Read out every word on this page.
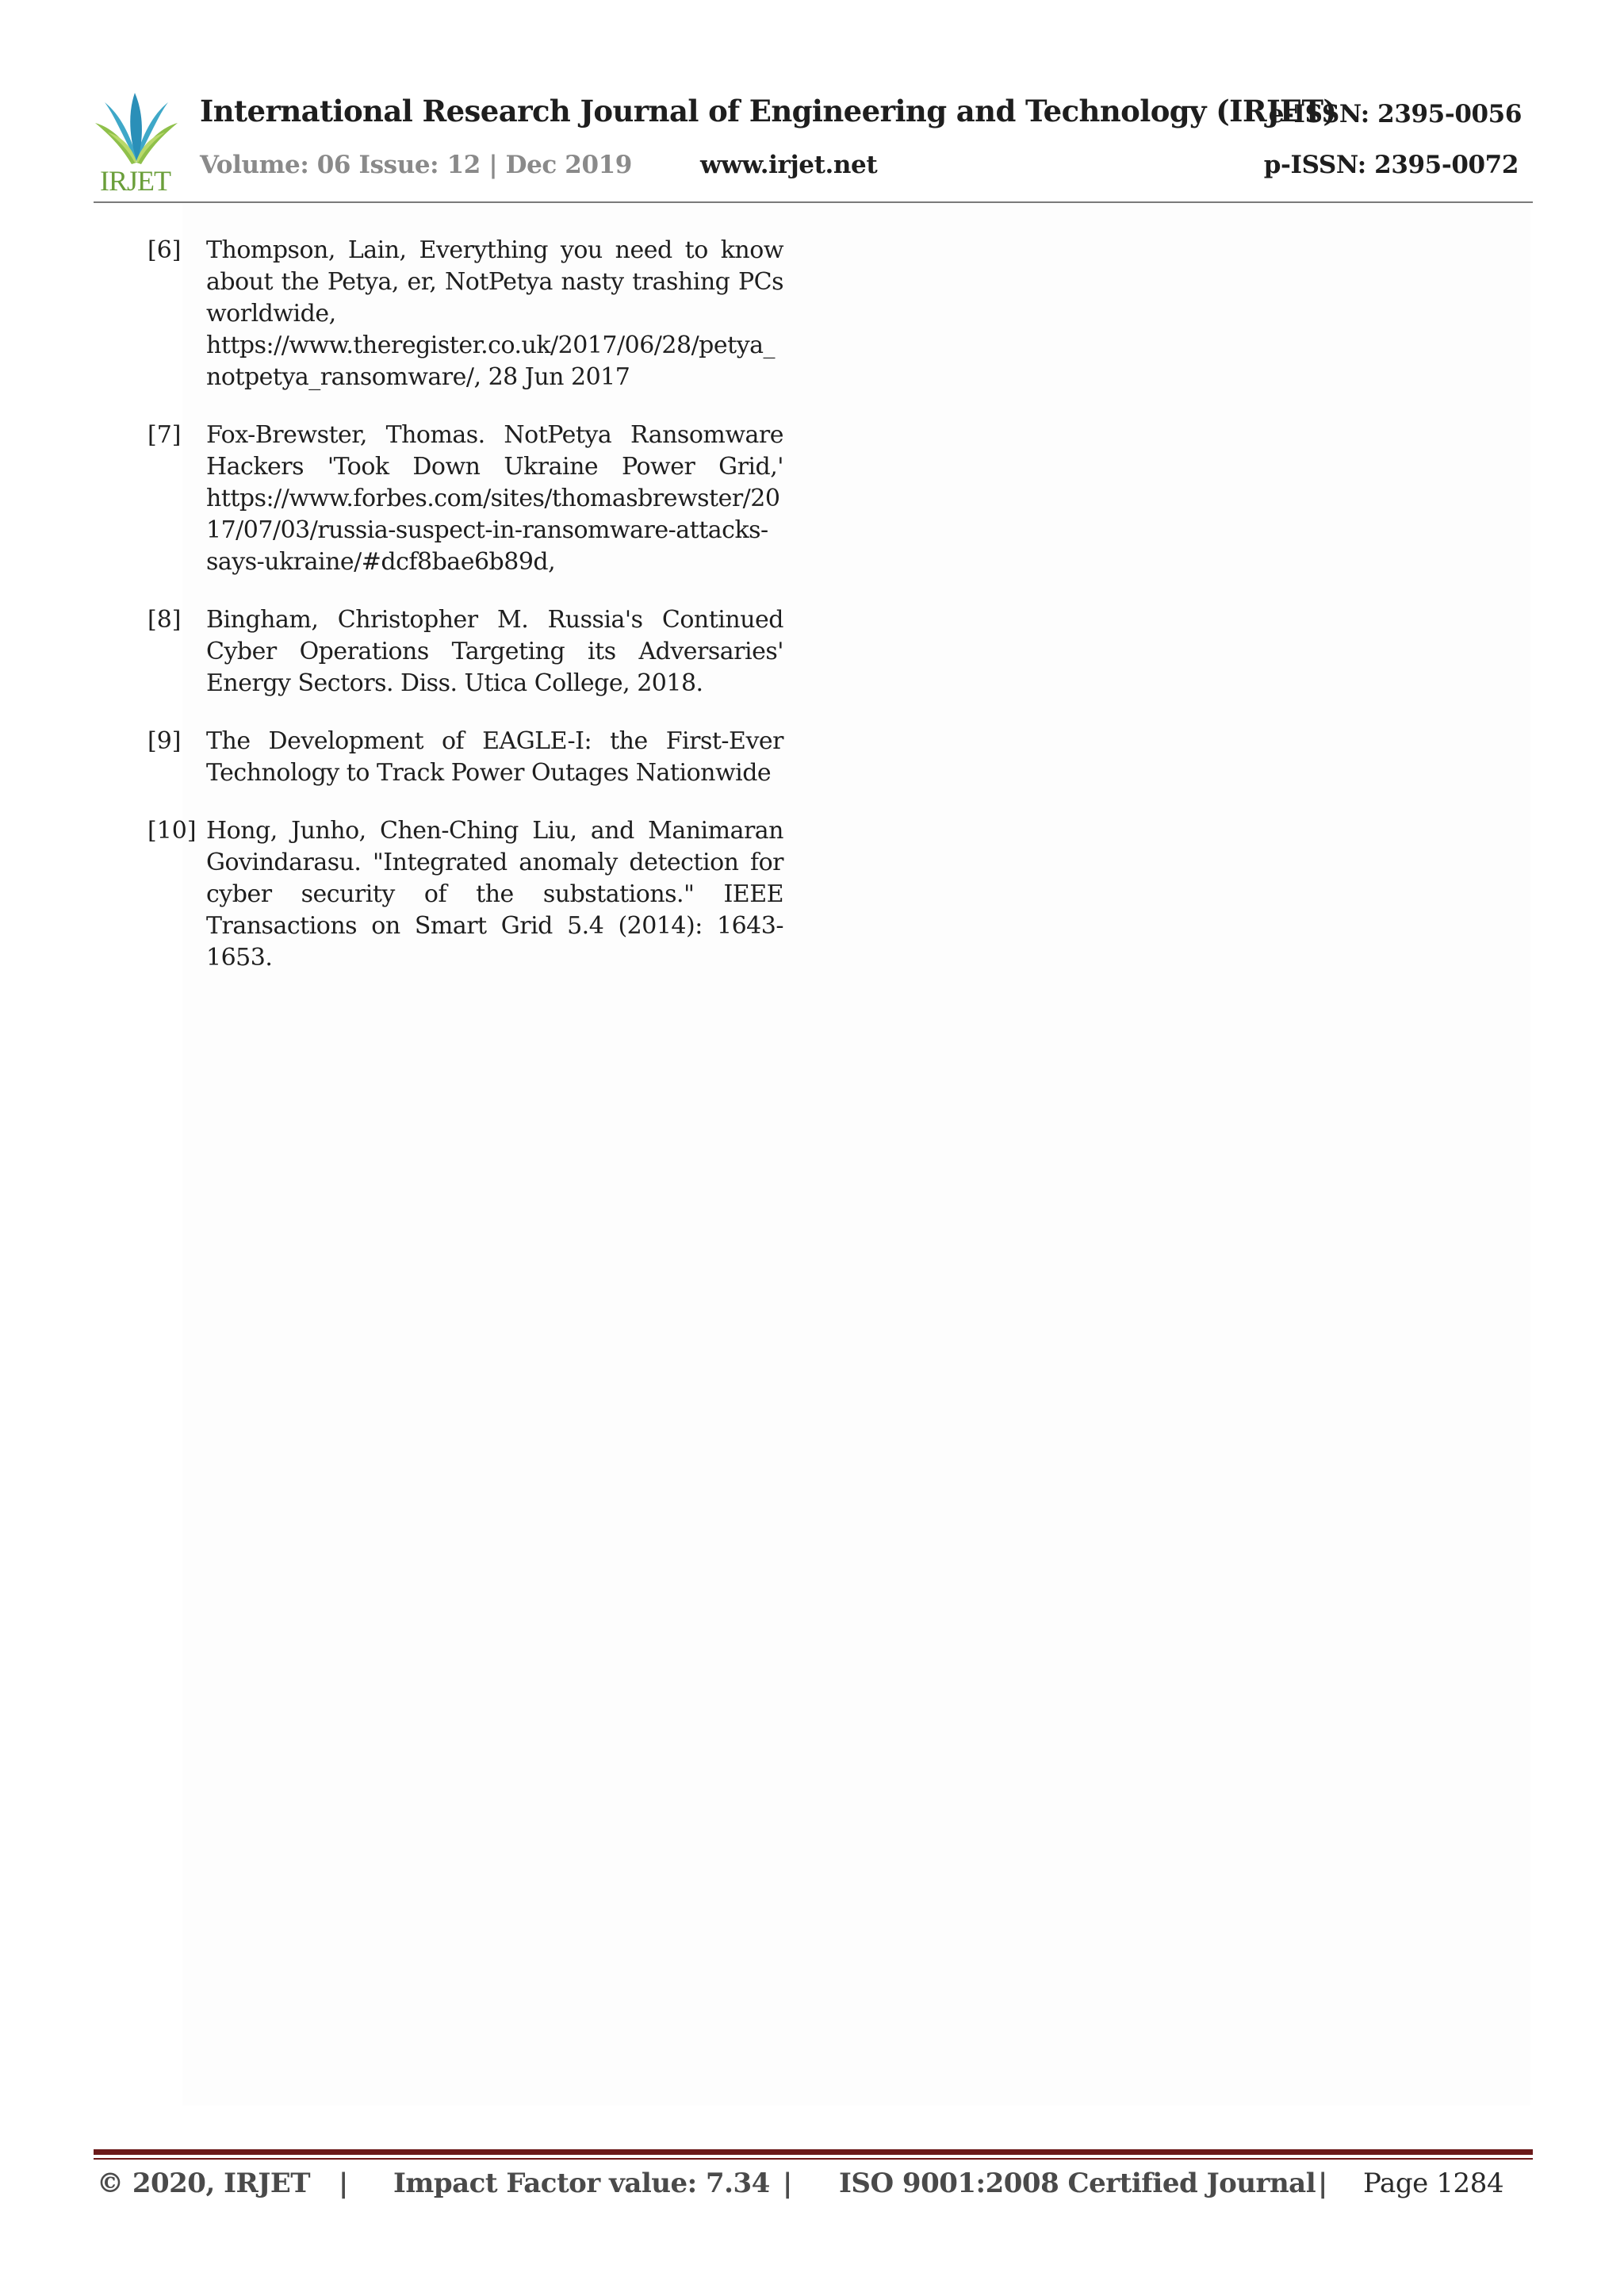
IRJET
International Research Journal of Engineering and Technology (IRJET)
e-ISSN: 2395-0056
Volume: 06 Issue: 12 | Dec 2019	www.irjet.net	p-ISSN: 2395-0072
[6] Thompson, Lain, Everything you need to know about the Petya, er, NotPetya nasty trashing PCs worldwide, https://www.theregister.co.uk/2017/06/28/petya_notpetya_ransomware/, 28 Jun 2017
[7] Fox-Brewster, Thomas. NotPetya Ransomware Hackers 'Took Down Ukraine Power Grid,' https://www.forbes.com/sites/thomasbrewster/2017/07/03/russia-suspect-in-ransomware-attacks-says-ukraine/#dcf8bae6b89d,
[8] Bingham, Christopher M. Russia's Continued Cyber Operations Targeting its Adversaries' Energy Sectors. Diss. Utica College, 2018.
[9] The Development of EAGLE-I: the First-Ever Technology to Track Power Outages Nationwide
[10] Hong, Junho, Chen-Ching Liu, and Manimaran Govindarasu. "Integrated anomaly detection for cyber security of the substations." IEEE Transactions on Smart Grid 5.4 (2014): 1643-1653.
© 2020, IRJET | Impact Factor value: 7.34 | ISO 9001:2008 Certified Journal | Page 1284
